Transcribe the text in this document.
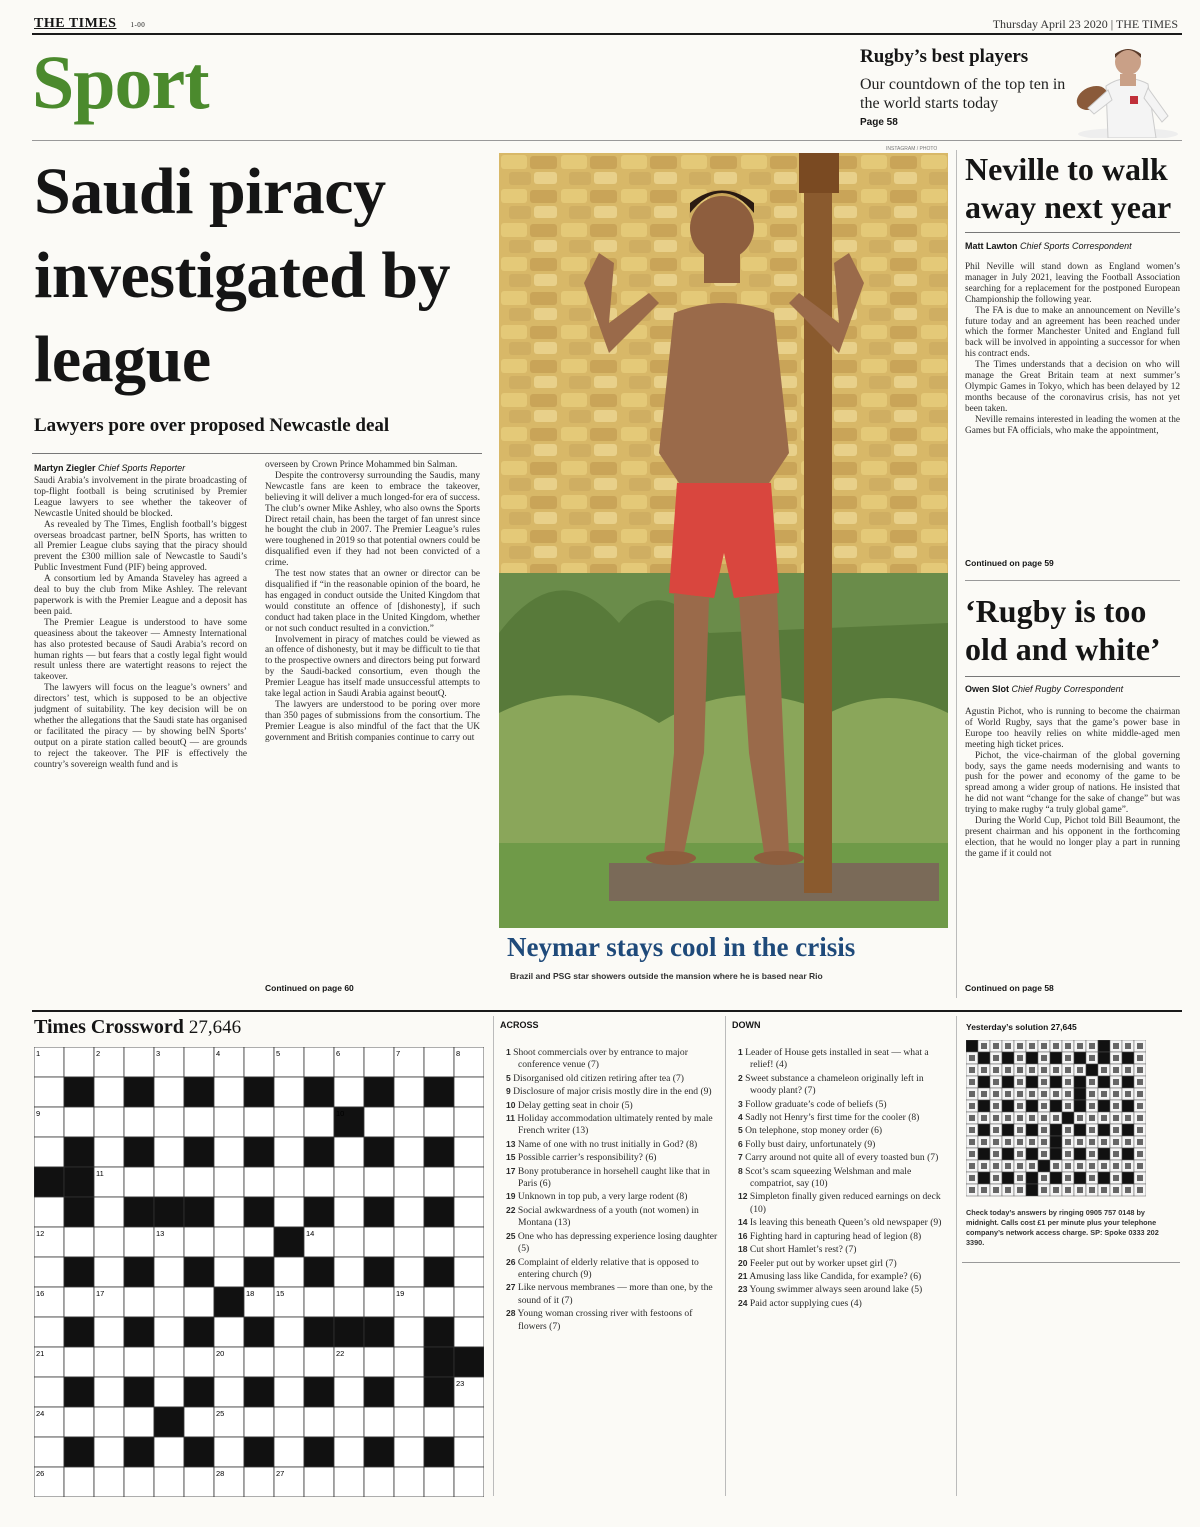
THE TIMES 1-00	Thursday April 23 2020 | THE TIMES
Sport	Rugby’s best players
Our countdown of the top ten in the world starts today
Page 58
Saudi piracy investigated by league
Lawyers pore over proposed Newcastle deal
Martyn Ziegler Chief Sports Reporter

Saudi Arabia’s involvement in the pirate broadcasting of top-flight football is being scrutinised by Premier League lawyers to see whether the takeover of Newcastle United should be blocked.

As revealed by The Times, English football’s biggest overseas broadcast partner, beIN Sports, has written to all Premier League clubs saying that the piracy should prevent the £300 million sale of Newcastle to Saudi’s Public Investment Fund (PIF) being approved.

A consortium led by Amanda Staveley has agreed a deal to buy the club from Mike Ashley. The relevant paperwork is with the Premier League and a deposit has been paid.

The Premier League is understood to have some queasiness about the takeover — Amnesty International has also protested because of Saudi Arabia’s record on human rights — but fears that a costly legal fight would result unless there are watertight reasons to reject the takeover.

The lawyers will focus on the league’s owners’ and directors’ test, which is supposed to be an objective judgment of suitability. The key decision will be on whether the allegations that the Saudi state has organised or facilitated the piracy — by showing beIN Sports’ output on a pirate station called beoutQ — are grounds to reject the takeover. The PIF is effectively the country’s sovereign wealth fund and is

overseen by Crown Prince Mohammed bin Salman.

Despite the controversy surrounding the Saudis, many Newcastle fans are keen to embrace the takeover, believing it will deliver a much longed-for era of success. The club’s owner Mike Ashley, who also owns the Sports Direct retail chain, has been the target of fan unrest since he bought the club in 2007. The Premier League’s rules were toughened in 2019 so that potential owners could be disqualified even if they had not been convicted of a crime.

The test now states that an owner or director can be disqualified if “in the reasonable opinion of the board, he has engaged in conduct outside the United Kingdom that would constitute an offence of [dishonesty], if such conduct had taken place in the United Kingdom, whether or not such conduct resulted in a conviction.”

Involvement in piracy of matches could be viewed as an offence of dishonesty, but it may be difficult to tie that to the prospective owners and directors being put forward by the Saudi-backed consortium, even though the Premier League has itself made unsuccessful attempts to take legal action in Saudi Arabia against beoutQ.

The lawyers are understood to be poring over more than 350 pages of submissions from the consortium. The Premier League is also mindful of the fact that the UK government and British companies continue to carry out

Continued on page 60
INSTAGRAM / PHOTO
Neymar stays cool in the crisis
Brazil and PSG star showers outside the mansion where he is based near Rio
Neville to walk away next year
Matt Lawton Chief Sports Correspondent

Phil Neville will stand down as England women’s manager in July 2021, leaving the Football Association searching for a replacement for the postponed European Championship the following year.

The FA is due to make an announcement on Neville’s future today and an agreement has been reached under which the former Manchester United and England full back will be involved in appointing a successor for when his contract ends.

The Times understands that a decision on who will manage the Great Britain team at next summer’s Olympic Games in Tokyo, which has been delayed by 12 months because of the coronavirus crisis, has not yet been taken.

Neville remains interested in leading the women at the Games but FA officials, who make the appointment,

Continued on page 59
‘Rugby is too old and white’
Owen Slot Chief Rugby Correspondent

Agustin Pichot, who is running to become the chairman of World Rugby, says that the game’s power base in Europe too heavily relies on white middle-aged men meeting high ticket prices.

Pichot, the vice-chairman of the global governing body, says the game needs modernising and wants to push for the power and economy of the game to be spread among a wider group of nations. He insisted that he did not want “change for the sake of change” but was trying to make rugby “a truly global game”.

During the World Cup, Pichot told Bill Beaumont, the present chairman and his opponent in the forthcoming election, that he would no longer play a part in running the game if it could not

Continued on page 58
Times Crossword 27,646
1	2	3	4	5	6	7	8
9	10
11
12	13	14
15
16	17	18	19
20
21	22
23
24	25
26	27
28
ACROSS
1 Shoot commercials over by entrance to major conference venue (7)
5 Disorganised old citizen retiring after tea (7)
9 Disclosure of major crisis mostly dire in the end (9)
10 Delay getting seat in choir (5)
11 Holiday accommodation ultimately rented by male French writer (13)
13 Name of one with no trust initially in God? (8)
15 Possible carrier’s responsibility? (6)
17 Bony protuberance in horsehell caught like that in Paris (6)
19 Unknown in top pub, a very large rodent (8)
22 Social awkwardness of a youth (not women) in Montana (13)
25 One who has depressing experience losing daughter (5)
26 Complaint of elderly relative that is opposed to entering church (9)
27 Like nervous membranes — more than one, by the sound of it (7)
28 Young woman crossing river with festoons of flowers (7)
DOWN
1 Leader of House gets installed in seat — what a relief! (4)
2 Sweet substance a chameleon originally left in woody plant? (7)
3 Follow graduate’s code of beliefs (5)
4 Sadly not Henry’s first time for the cooler (8)
5 On telephone, stop money order (6)
6 Folly bust dairy, unfortunately (9)
7 Carry around not quite all of every toasted bun (7)
8 Scot’s scam squeezing Welshman and male compatriot, say (10)
12 Simpleton finally given reduced earnings on deck (10)
14 Is leaving this beneath Queen’s old newspaper (9)
16 Fighting hard in capturing head of legion (8)
18 Cut short Hamlet’s rest? (7)
20 Feeler put out by worker upset girl (7)
21 Amusing lass like Candida, for example? (6)
23 Young swimmer always seen around lake (5)
24 Paid actor supplying cues (4)
Yesterday’s solution 27,645
Check today’s answers by ringing 0905 757 0148 by midnight. Calls cost £1 per minute plus your telephone company’s network access charge. SP: Spoke 0333 202 3390.
